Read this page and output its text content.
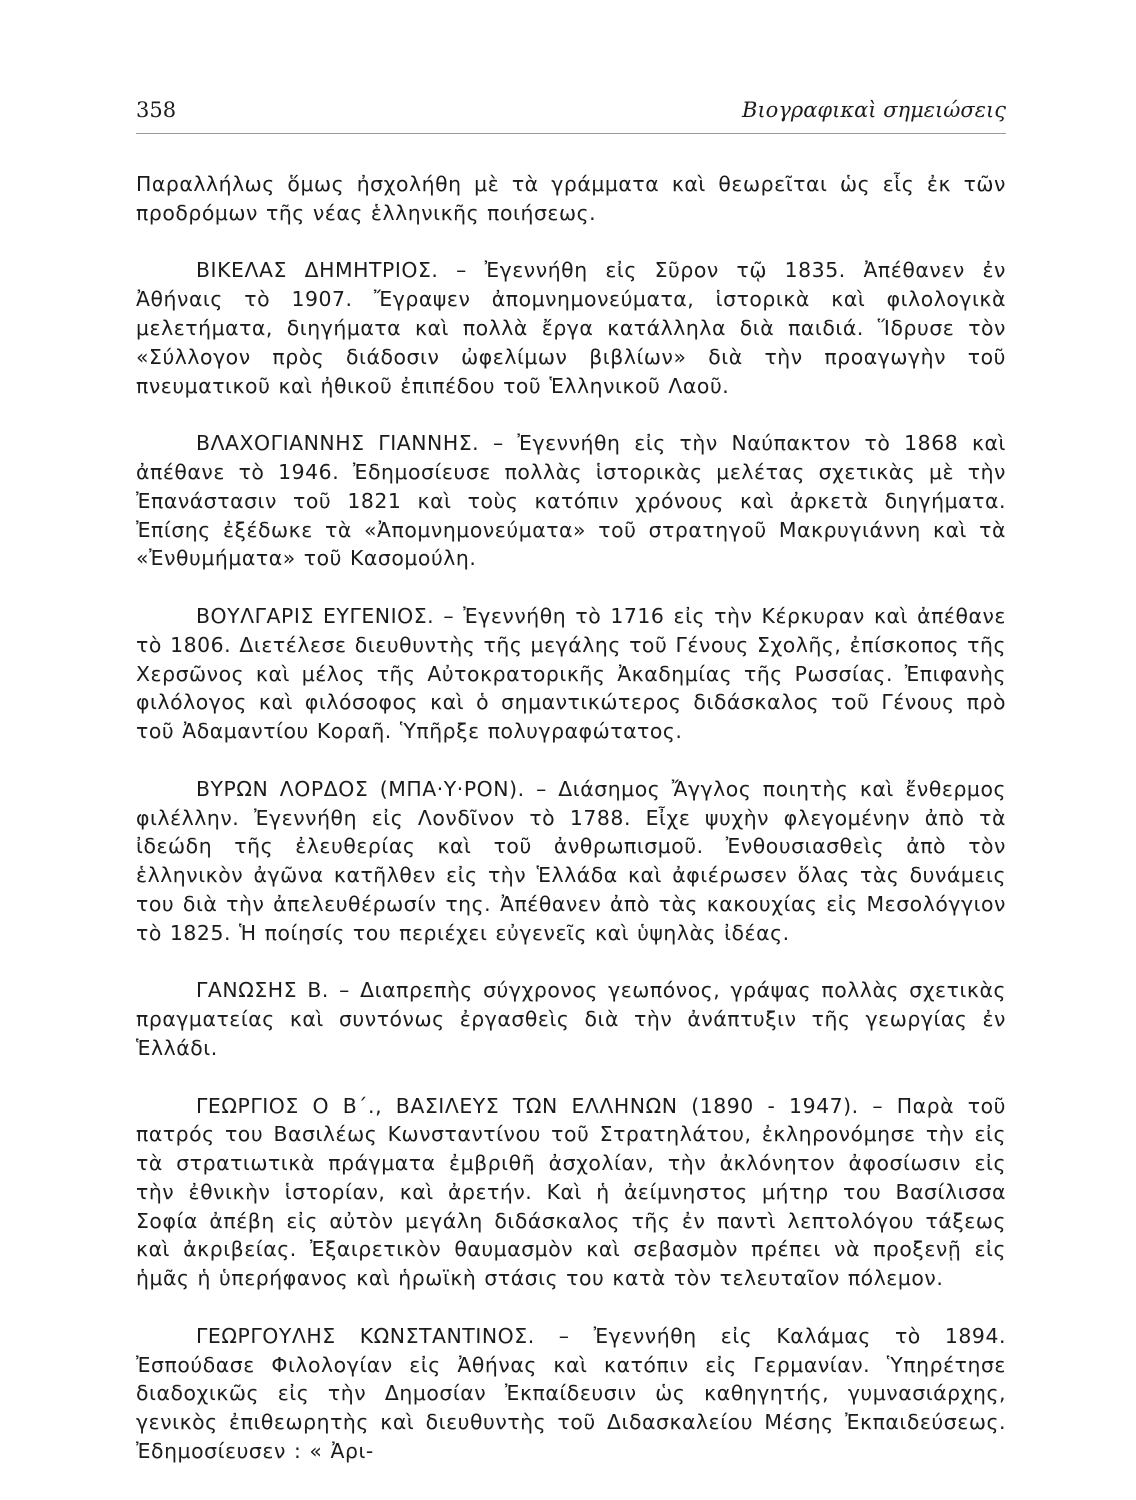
358	Βιογραφικαὶ σημειώσεις

Παραλλήλως ὅμως ἠσχολήθη μὲ τὰ γράμματα καὶ θεωρεῖται ὡς εἷς ἐκ τῶν προδρόμων τῆς νέας ἑλληνικῆς ποιήσεως.

ΒΙΚΕΛΑΣ ΔΗΜΗΤΡΙΟΣ. – Ἐγεννήθη εἰς Σῦρον τῷ 1835. Ἀπέθανεν ἐν Ἀθήναις τὸ 1907. Ἔγραψεν ἀπομνημονεύματα, ἱστορικὰ καὶ φιλολογικὰ μελετήματα, διηγήματα καὶ πολλὰ ἔργα κατάλληλα διὰ παιδιά. Ἵδρυσε τὸν «Σύλλογον πρὸς διάδοσιν ὠφελίμων βιβλίων» διὰ τὴν προαγωγὴν τοῦ πνευματικοῦ καὶ ἠθικοῦ ἐπιπέδου τοῦ Ἑλληνικοῦ Λαοῦ.

ΒΛΑΧΟΓΙΑΝΝΗΣ ΓΙΑΝΝΗΣ. – Ἐγεννήθη εἰς τὴν Ναύπακτον τὸ 1868 καὶ ἀπέθανε τὸ 1946. Ἐδημοσίευσε πολλὰς ἱστορικὰς μελέτας σχετικὰς μὲ τὴν Ἐπανάστασιν τοῦ 1821 καὶ τοὺς κατόπιν χρόνους καὶ ἀρκετὰ διηγήματα. Ἐπίσης ἐξέδωκε τὰ «Ἀπομνημονεύματα» τοῦ στρατηγοῦ Μακρυγιάννη καὶ τὰ «Ἐνθυμήματα» τοῦ Κασομούλη.

ΒΟΥΛΓΑΡΙΣ ΕΥΓΕΝΙΟΣ. – Ἐγεννήθη τὸ 1716 εἰς τὴν Κέρκυραν καὶ ἀπέθανε τὸ 1806. Διετέλεσε διευθυντὴς τῆς μεγάλης τοῦ Γένους Σχολῆς, ἐπίσκοπος τῆς Χερσῶνος καὶ μέλος τῆς Αὐτοκρατορικῆς Ἀκαδημίας τῆς Ρωσσίας. Ἐπιφανὴς φιλόλογος καὶ φιλόσοφος καὶ ὁ σημαντικώτερος διδάσκαλος τοῦ Γένους πρὸ τοῦ Ἀδαμαντίου Κοραῆ. Ὑπῆρξε πολυγραφώτατος.

ΒΥΡΩΝ ΛΟΡΔΟΣ (ΜΠΑ·Υ·ΡΟΝ). – Διάσημος Ἄγγλος ποιητὴς καὶ ἔνθερμος φιλέλλην. Ἐγεννήθη εἰς Λονδῖνον τὸ 1788. Εἶχε ψυχὴν φλεγομένην ἀπὸ τὰ ἰδεώδη τῆς ἐλευθερίας καὶ τοῦ ἀνθρωπισμοῦ. Ἐνθουσιασθεὶς ἀπὸ τὸν ἑλληνικὸν ἀγῶνα κατῆλθεν εἰς τὴν Ἑλλάδα καὶ ἀφιέρωσεν ὅλας τὰς δυνάμεις του διὰ τὴν ἀπελευθέρωσίν της. Ἀπέθανεν ἀπὸ τὰς κακουχίας εἰς Μεσολόγγιον τὸ 1825. Ἡ ποίησίς του περιέχει εὐγενεῖς καὶ ὑψηλὰς ἰδέας.

ΓΑΝΩΣΗΣ Β. – Διαπρεπὴς σύγχρονος γεωπόνος, γράψας πολλὰς σχετικὰς πραγματείας καὶ συντόνως ἐργασθεὶς διὰ τὴν ἀνάπτυξιν τῆς γεωργίας ἐν Ἑλλάδι.

ΓΕΩΡΓΙΟΣ Ο Β΄., ΒΑΣΙΛΕΥΣ ΤΩΝ ΕΛΛΗΝΩΝ (1890 - 1947). – Παρὰ τοῦ πατρός του Βασιλέως Κωνσταντίνου τοῦ Στρατηλάτου, ἐκληρονόμησε τὴν εἰς τὰ στρατιωτικὰ πράγματα ἐμβριθῆ ἀσχολίαν, τὴν ἀκλόνητον ἀφοσίωσιν εἰς τὴν ἐθνικὴν ἱστορίαν, καὶ ἀρετήν. Καὶ ἡ ἀείμνηστος μήτηρ του Βασίλισσα Σοφία ἀπέβη εἰς αὐτὸν μεγάλη διδάσκαλος τῆς ἐν παντὶ λεπτολόγου τάξεως καὶ ἀκριβείας. Ἐξαιρετικὸν θαυμασμὸν καὶ σεβασμὸν πρέπει νὰ προξενῇ εἰς ἡμᾶς ἡ ὑπερήφανος καὶ ἡρωϊκὴ στάσις του κατὰ τὸν τελευταῖον πόλεμον.

ΓΕΩΡΓΟΥΛΗΣ ΚΩΝΣΤΑΝΤΙΝΟΣ. – Ἐγεννήθη εἰς Καλάμας τὸ 1894. Ἐσπούδασε Φιλολογίαν εἰς Ἀθήνας καὶ κατόπιν εἰς Γερμανίαν. Ὑπηρέτησε διαδοχικῶς εἰς τὴν Δημοσίαν Ἐκπαίδευσιν ὡς καθηγητής, γυμνασιάρχης, γενικὸς ἐπιθεωρητὴς καὶ διευθυντὴς τοῦ Διδασκαλείου Μέσης Ἐκπαιδεύσεως. Ἐδημοσίευσεν : « Ἀρι-
